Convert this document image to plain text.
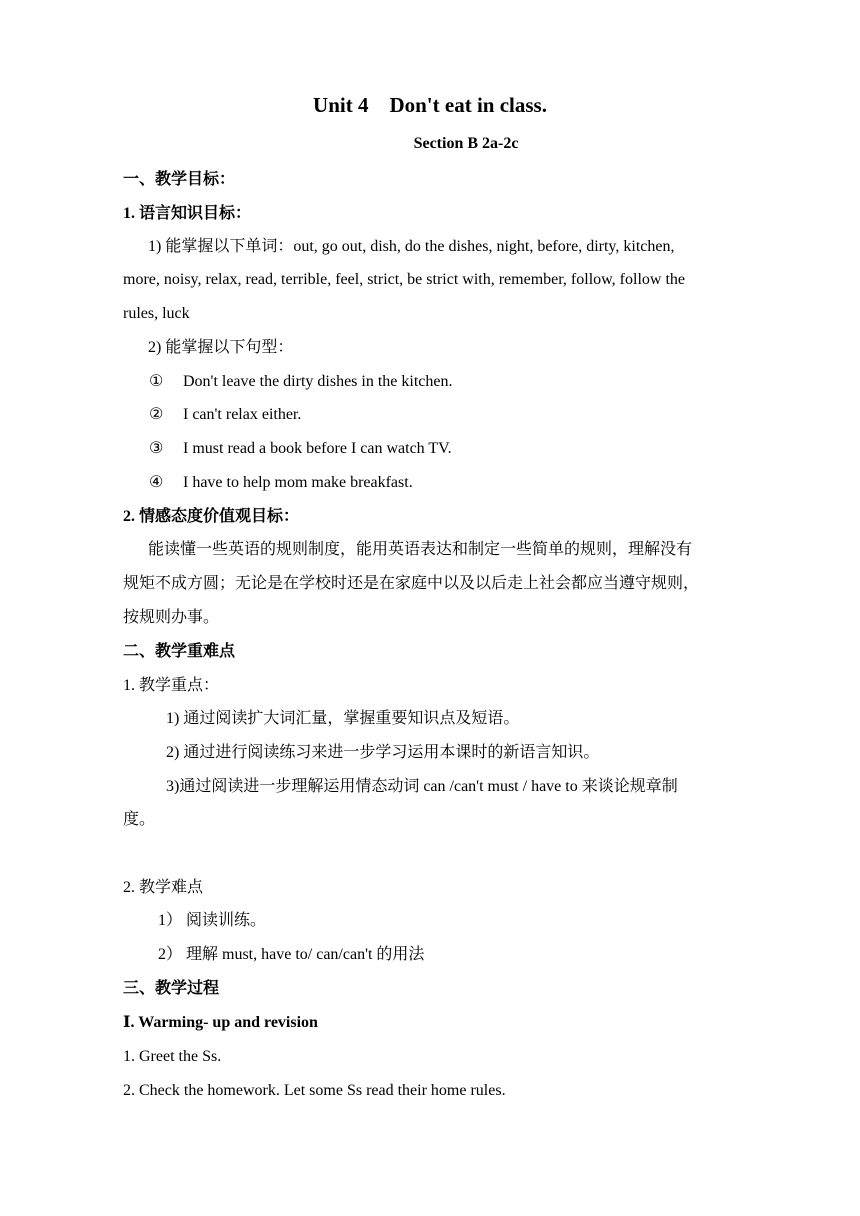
Unit 4    Don't eat in class.
Section B 2a-2c
一、教学目标：
1. 语言知识目标：
1) 能掌握以下单词：out, go out, dish, do the dishes, night, before, dirty, kitchen,
more, noisy, relax, read, terrible, feel, strict, be strict with, remember, follow, follow the
rules, luck
2) 能掌握以下句型：
① Don't leave the dirty dishes in the kitchen.
② I can't relax either.
③ I must read a book before I can watch TV.
④ I have to help mom make breakfast.
2. 情感态度价值观目标：
能读懂一些英语的规则制度，能用英语表达和制定一些简单的规则，理解没有
规矩不成方圆；无论是在学校时还是在家庭中以及以后走上社会都应当遵守规则，
按规则办事。
二、教学重难点
1. 教学重点：
1) 通过阅读扩大词汇量，掌握重要知识点及短语。
2) 通过进行阅读练习来进一步学习运用本课时的新语言知识。
3)通过阅读进一步理解运用情态动词 can /can't must / have to 来谈论规章制
度。
2. 教学难点
1） 阅读训练。
2） 理解 must, have to/ can/can't 的用法
三、教学过程
Ⅰ. Warming- up and revision
1. Greet the Ss.
2. Check the homework. Let some Ss read their home rules.
